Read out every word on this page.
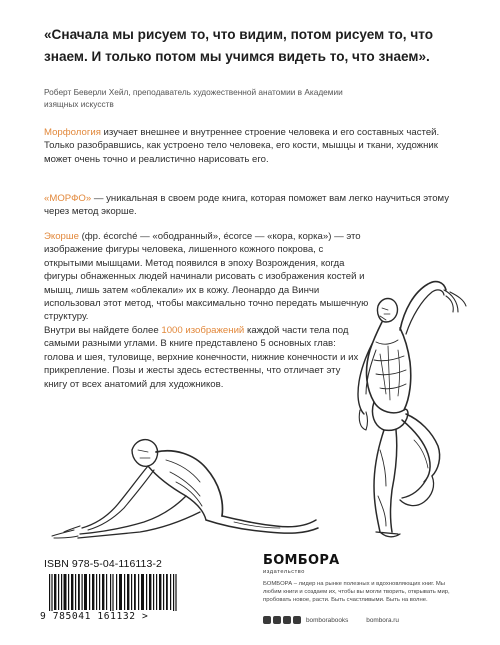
«Сначала мы рисуем то, что видим, потом рисуем то, что знаем. И только потом мы учимся видеть то, что знаем».
Роберт Беверли Хейл, преподаватель художественной анатомии в Академии изящных искусств
Морфология изучает внешнее и внутреннее строение человека и его составных частей. Только разобравшись, как устроено тело человека, его кости, мышцы и ткани, художник может очень точно и реалистично нарисовать его.
«МОРФО» — уникальная в своем роде книга, которая поможет вам легко научиться этому через метод экорше.
Экорше (фр. écorché — «ободранный», écorce — «кора, корка») — это изображение фигуры человека, лишенного кожного покрова, с открытыми мышцами. Метод появился в эпоху Возрождения, когда фигуры обнаженных людей начинали рисовать с изображения костей и мышц, лишь затем «облекали» их в кожу. Леонардо да Винчи использовал этот метод, чтобы максимально точно передать мышечную структуру.
Внутри вы найдете более 1000 изображений каждой части тела под самыми разными углами. В книге представлено 5 основных глав: голова и шея, туловище, верхние конечности, нижние конечности и их прикрепление. Позы и жесты здесь естественны, что отличает эту книгу от всех анатомий для художников.
ISBN 978-5-04-116113-2
9 785041 161132 >
БОМБОРА
издательство
БОМБОРА – лидер на рынке полезных и вдохновляющих книг. Мы любим книги и создаем их, чтобы вы могли творить, открывать мир, пробовать новое, расти. Быть счастливыми. Быть на волне.
bomborabooks	bombora.ru
